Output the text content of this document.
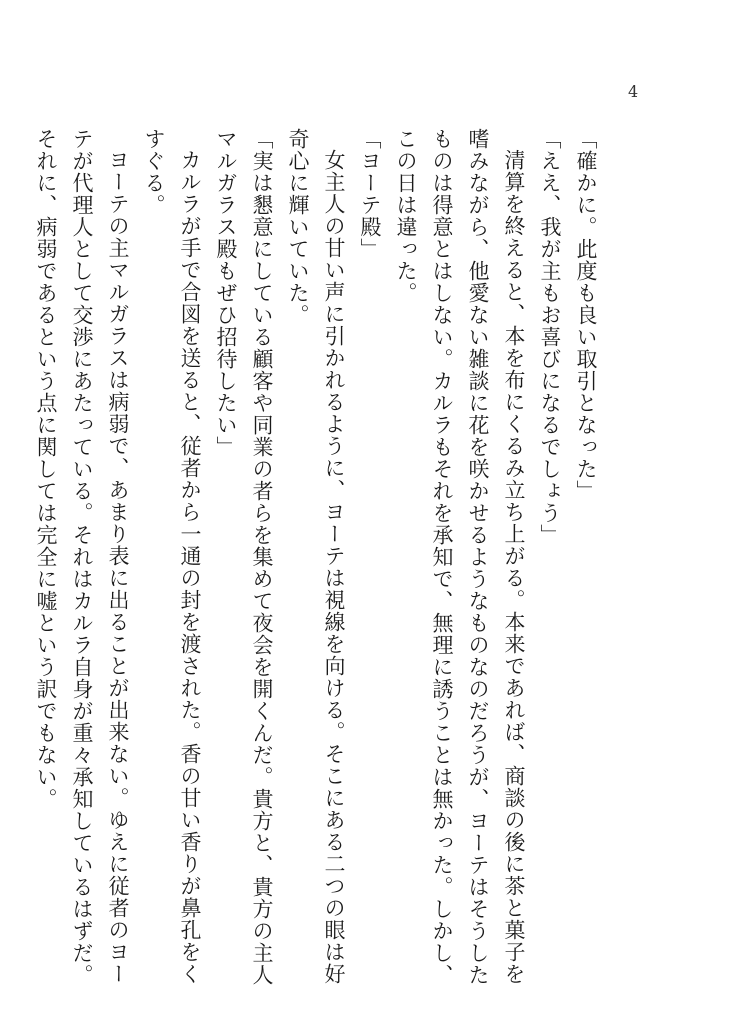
4
「確かに。此度も良い取引となった」
「ええ、我が主もお喜びになるでしょう」
清算を終えると、本を布にくるみ立ち上がる。本来であれば、商談の後に茶と菓子を
嗜みながら、他愛ない雑談に花を咲かせるようなものなのだろうが、ヨーテはそうした
ものは得意とはしない。カルラもそれを承知で、無理に誘うことは無かった。しかし、
この日は違った。
「ヨーテ殿」
女主人の甘い声に引かれるように、ヨーテは視線を向ける。そこにある二つの眼は好
奇心に輝いていた。
「実は懇意にしている顧客や同業の者らを集めて夜会を開くんだ。貴方と、貴方の主人
マルガラス殿もぜひ招待したい」
カルラが手で合図を送ると、従者から一通の封を渡された。香の甘い香りが鼻孔をく
すぐる。
ヨーテの主マルガラスは病弱で、あまり表に出ることが出来ない。ゆえに従者のヨー
テが代理人として交渉にあたっている。それはカルラ自身が重々承知しているはずだ。
それに、病弱であるという点に関しては完全に嘘という訳でもない。
